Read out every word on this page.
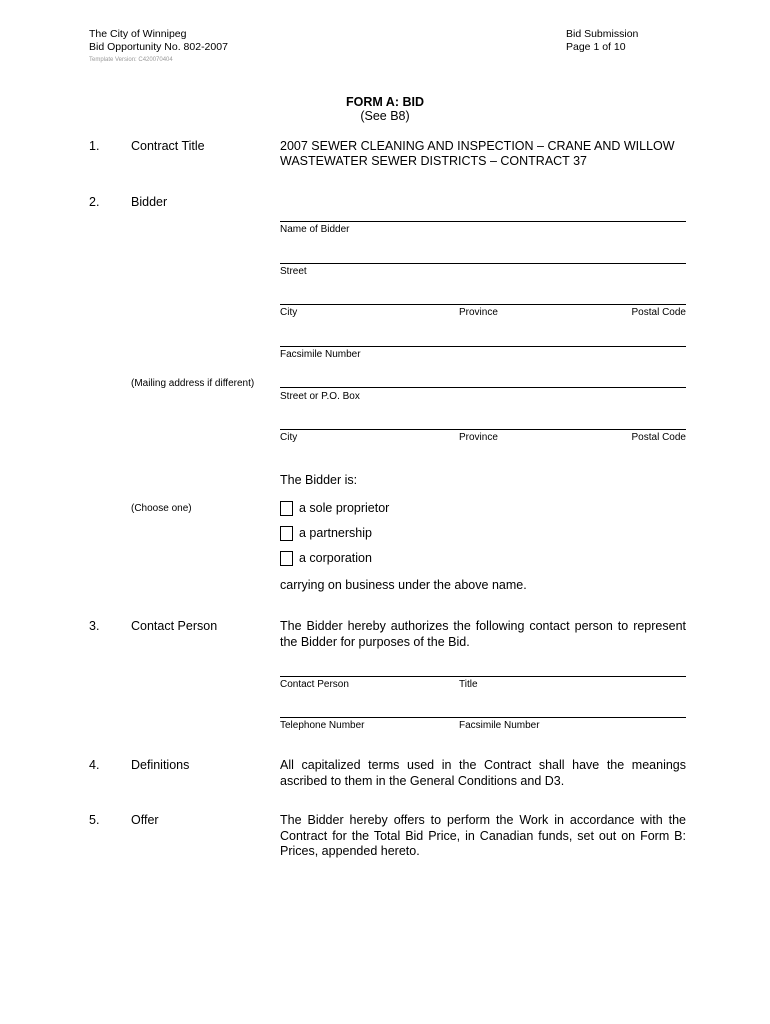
The City of Winnipeg
Bid Opportunity No. 802-2007
Template Version: C420070404
Bid Submission
Page 1 of 10
FORM A: BID
(See B8)
1.	Contract Title	2007 SEWER CLEANING AND INSPECTION – CRANE AND WILLOW
WASTEWATER SEWER DISTRICTS – CONTRACT 37
2.	Bidder
Name of Bidder
Street
City	Province	Postal Code
Facsimile Number
(Mailing address if different)
Street or P.O. Box
City	Province	Postal Code
The Bidder is:
(Choose one)	a sole proprietor
a partnership
a corporation
carrying on business under the above name.
3.	Contact Person	The Bidder hereby authorizes the following contact person to represent the Bidder for purposes of the Bid.
Contact Person	Title
Telephone Number	Facsimile Number
4.	Definitions	All capitalized terms used in the Contract shall have the meanings ascribed to them in the General Conditions and D3.
5.	Offer	The Bidder hereby offers to perform the Work in accordance with the Contract for the Total Bid Price, in Canadian funds, set out on Form B: Prices, appended hereto.
